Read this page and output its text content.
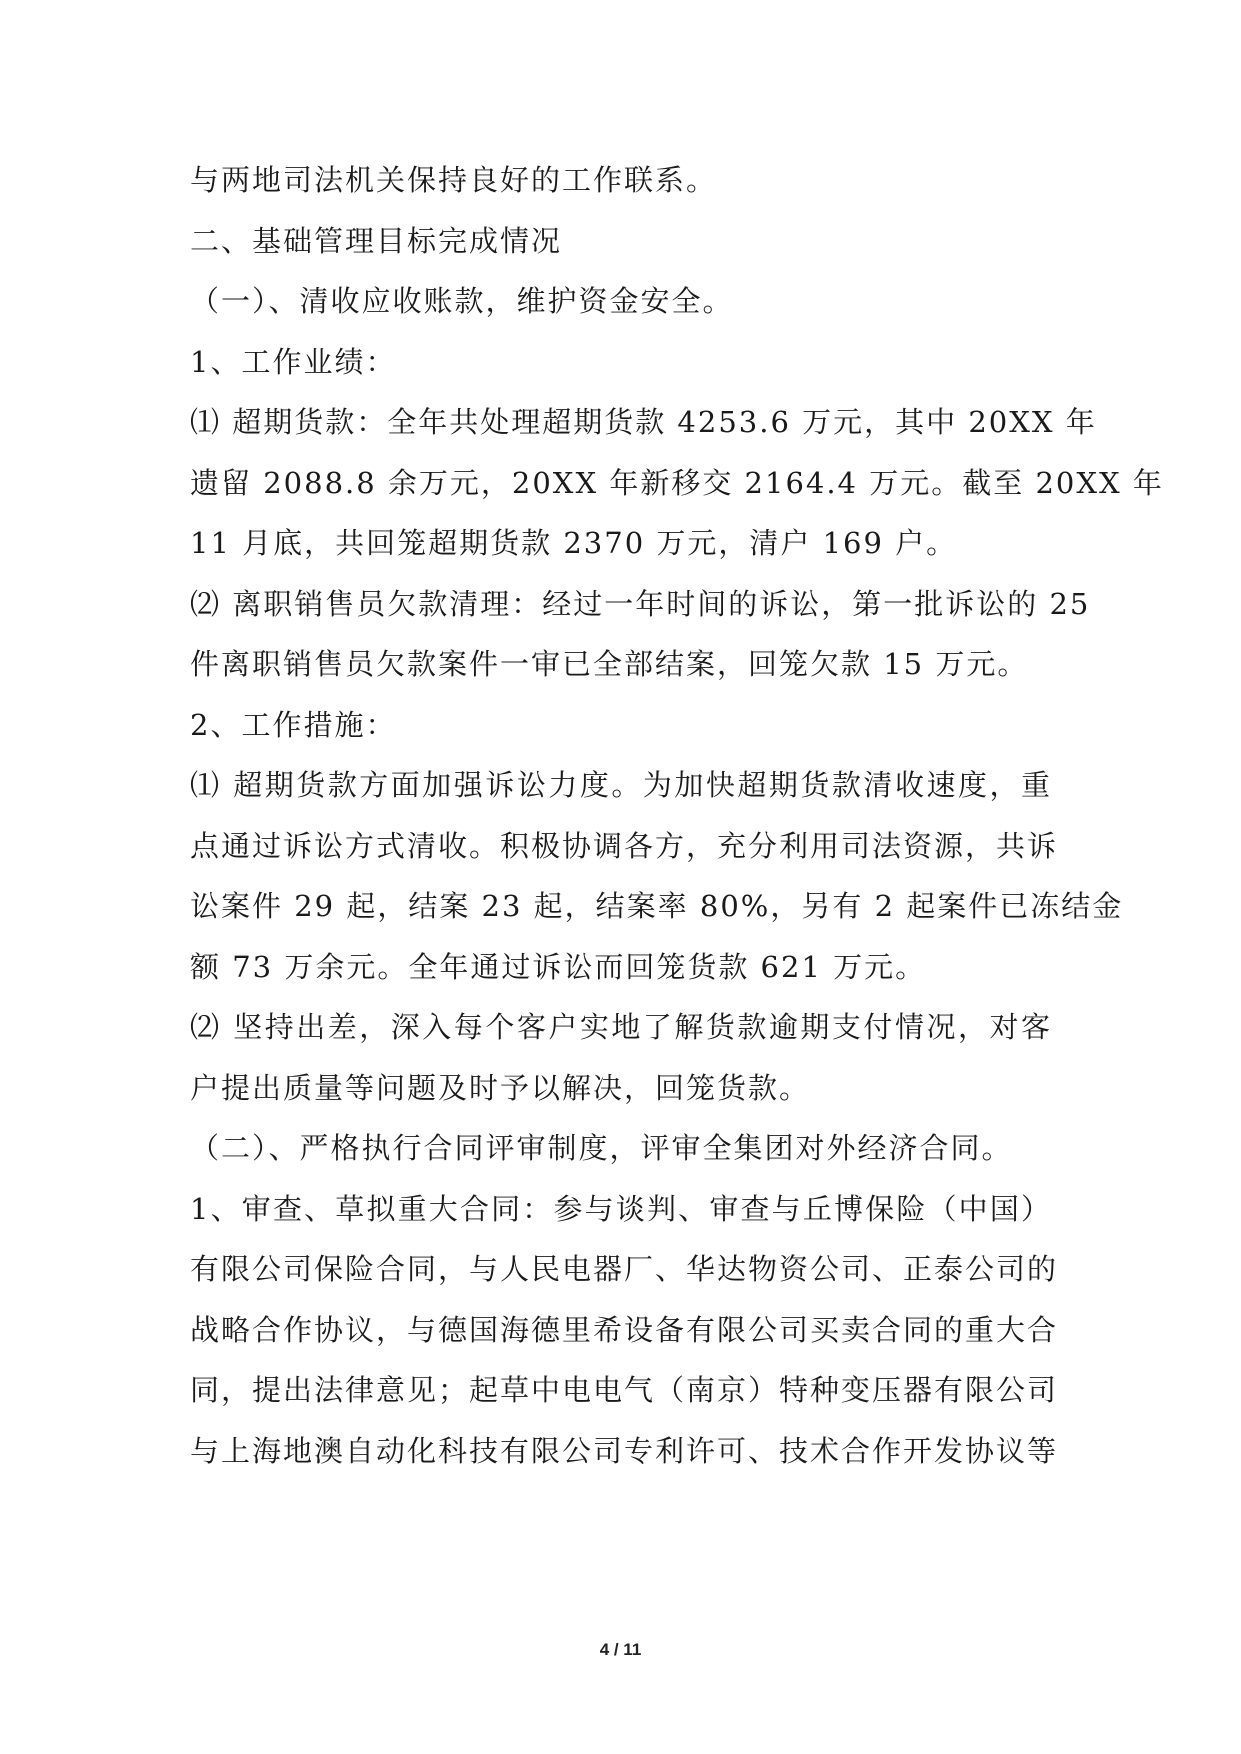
与两地司法机关保持良好的工作联系。
二、基础管理目标完成情况
（一）、清收应收账款，维护资金安全。
1、工作业绩：
⑴ 超期货款：全年共处理超期货款 4253.6 万元，其中 20XX 年
遗留 2088.8 余万元，20XX 年新移交 2164.4 万元。截至 20XX 年
11 月底，共回笼超期货款 2370 万元，清户 169 户。
⑵ 离职销售员欠款清理：经过一年时间的诉讼，第一批诉讼的 25
件离职销售员欠款案件一审已全部结案，回笼欠款 15 万元。
2、工作措施：
⑴ 超期货款方面加强诉讼力度。为加快超期货款清收速度，重
点通过诉讼方式清收。积极协调各方，充分利用司法资源，共诉
讼案件 29 起，结案 23 起，结案率 80%，另有 2 起案件已冻结金
额 73 万余元。全年通过诉讼而回笼货款 621 万元。
⑵ 坚持出差，深入每个客户实地了解货款逾期支付情况，对客
户提出质量等问题及时予以解决，回笼货款。
（二）、严格执行合同评审制度，评审全集团对外经济合同。
1、审查、草拟重大合同：参与谈判、审查与丘博保险（中国）
有限公司保险合同，与人民电器厂、华达物资公司、正泰公司的
战略合作协议，与德国海德里希设备有限公司买卖合同的重大合
同，提出法律意见；起草中电电气（南京）特种变压器有限公司
与上海地澳自动化科技有限公司专利许可、技术合作开发协议等
4 / 11
